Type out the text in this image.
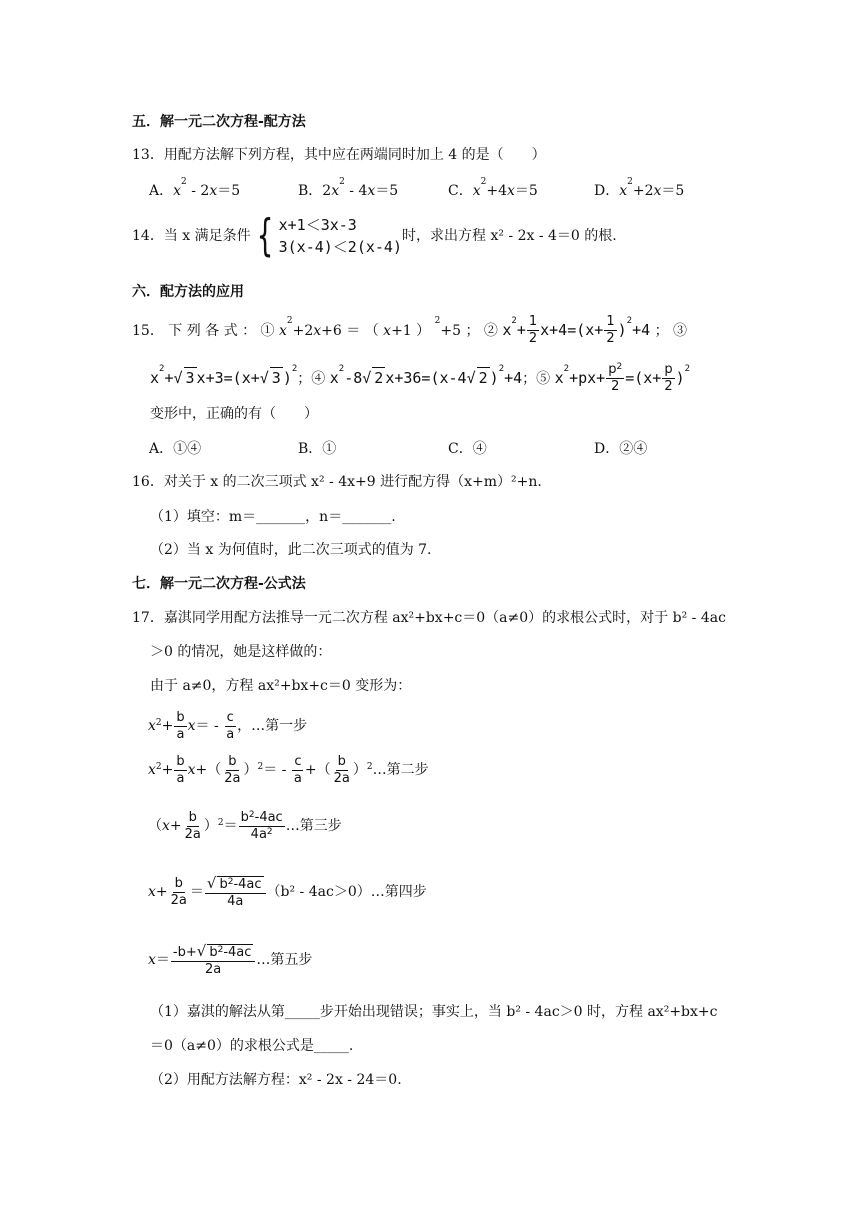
五．解一元二次方程-配方法
13．用配方法解下列方程，其中应在两端同时加上 4 的是（　　）
A．$x^2 - 2x=5$	B．$2x^2 - 4x=5$	C．$x^2+4x=5$	D．$x^2+2x=5$
14．当 x 满足条件 { x+1＜3x-3
3(x-4)＜2(x-4)
时，求出方程 x² - 2x - 4＝0 的根.
六．配方法的应用
15． 下 列 各 式 ： ① $x^2+2x+6$ ＝ （ x+1 ） $^2$+5 ； ② $x^2+ \frac{1}{2} x+4=(x+ \frac{1}{2} )^2+4$ ； ③
$x^2+√$ 3 x+3=(x+√ 3 )$^2$；④ $x^2-8√$ 2 x+36=(x-4√ 2 )$^2$+4；⑤ $x^2+px+ \frac{p^2}{2} =(x+ \frac{p}{2} )^2$
变形中，正确的有（　　）
A．①④	B．①	C．④	D．②④
16．对关于 x 的二次三项式 x² - 4x+9 进行配方得（x+m）²+n.
（1）填空：m＝_______，n＝_______.
（2）当 x 为何值时，此二次三项式的值为 7.
七．解一元二次方程-公式法
17．嘉淇同学用配方法推导一元二次方程 ax²+bx+c＝0（a≠0）的求根公式时，对于 b² - 4ac
＞0 的情况，她是这样做的：
由于 a≠0，方程 ax²+bx+c＝0 变形为：
$x^2+ \frac{b}{a} x= - \frac{c}{a}$ ，…第一步
$x^2+ \frac{b}{a} x+( \frac{b}{2a} )^2= - \frac{c}{a}$ +（ $\frac{b}{2a}$ ）$^2$…第二步
$(x+ \frac{b}{2a} )^2= \frac{b^2-4ac}{4a^2}$ …第三步
$x+ \frac{b}{2a} = \frac{√ b^2-4ac}{4a} (b^2$ - 4ac＞0）…第四步
$x= \frac{-b+√ b^2-4ac}{2a}$ …第五步
（1）嘉淇的解法从第_____步开始出现错误；事实上，当 b² - 4ac＞0 时，方程 ax²+bx+c
＝0（a≠0）的求根公式是_____.
（2）用配方法解方程：x² - 2x - 24＝0.
